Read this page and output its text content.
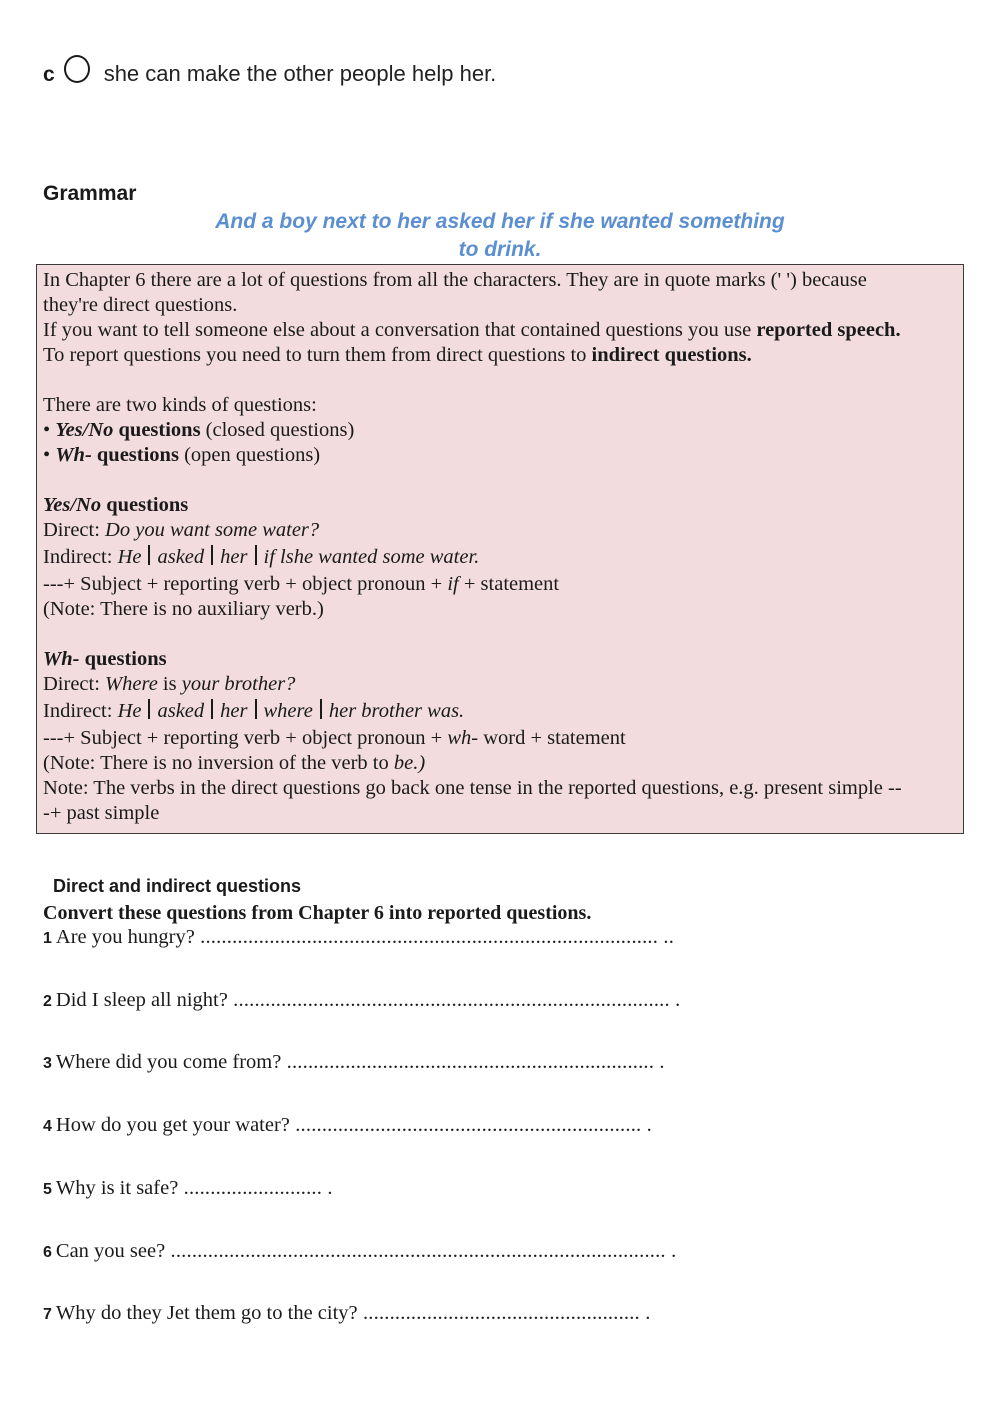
c she can make the other people help her.
Grammar
And a boy next to her asked her if she wanted something
to drink.

In Chapter 6 there are a lot of questions from all the characters. They are in quote marks (' ') because

they're direct questions.

If you want to tell someone else about a conversation that contained questions you use reported speech.

To report questions you need to turn them from direct questions to indirect questions.

There are two kinds of questions:

• Yes/No questions (closed questions)

• Wh- questions (open questions)

Yes/No questions

Direct: Do you want some water?

Indirect: He asked her if lshe wanted some water.

---+ Subject + reporting verb + object pronoun + if + statement

(Note: There is no auxiliary verb.)

Wh- questions

Direct: Where is your brother?

Indirect: He asked her where her brother was.

---+ Subject + reporting verb + object pronoun + wh- word + statement

(Note: There is no inversion of the verb to be.)

Note: The verbs in the direct questions go back one tense in the reported questions, e.g. present simple --

-+ past simple

Direct and indirect questions
Convert these questions from Chapter 6 into reported questions.
1 Are you hungry? ...................................................................................... ..
2 Did I sleep all night? .................................................................................. .
3 Where did you come from? ..................................................................... .
4 How do you get your water? ................................................................. .
5 Why is it safe? .......................... .
6 Can you see? ............................................................................................. .
7 Why do they Jet them go to the city? .................................................... .
